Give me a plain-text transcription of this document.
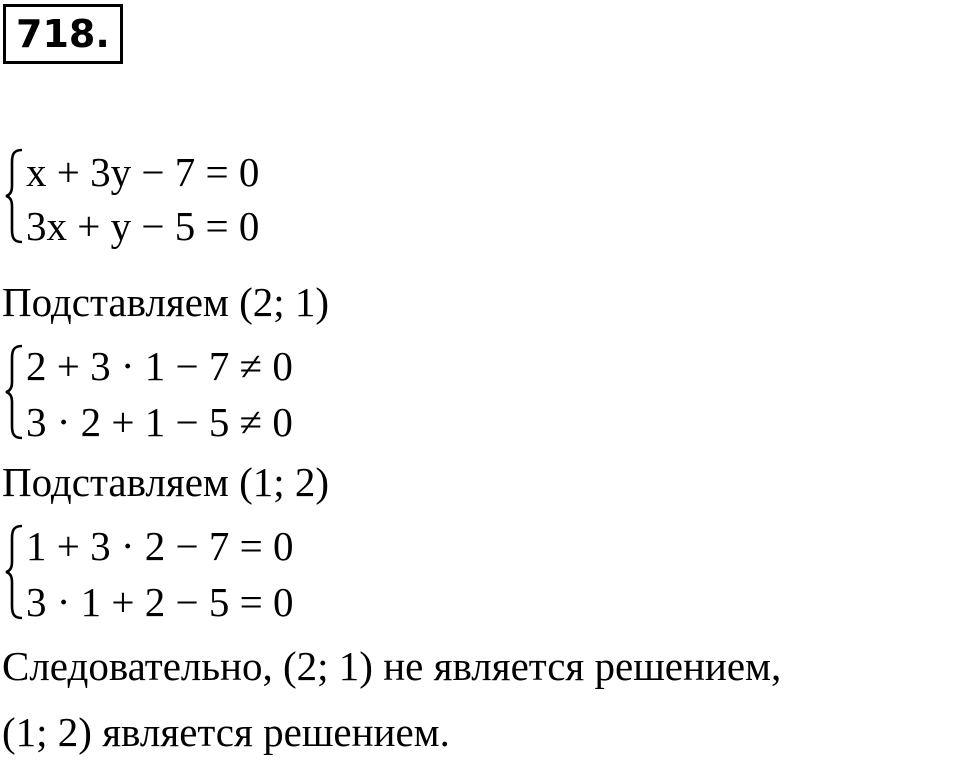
718.
x + 3y − 7 = 0
3x + y − 5 = 0
Подставляем (2; 1)
2 + 3 · 1 − 7 ≠ 0
3 · 2 + 1 − 5 ≠ 0
Подставляем (1; 2)
1 + 3 · 2 − 7 = 0
3 · 1 + 2 − 5 = 0
Следовательно, (2; 1) не является решением,
(1; 2) является решением.
